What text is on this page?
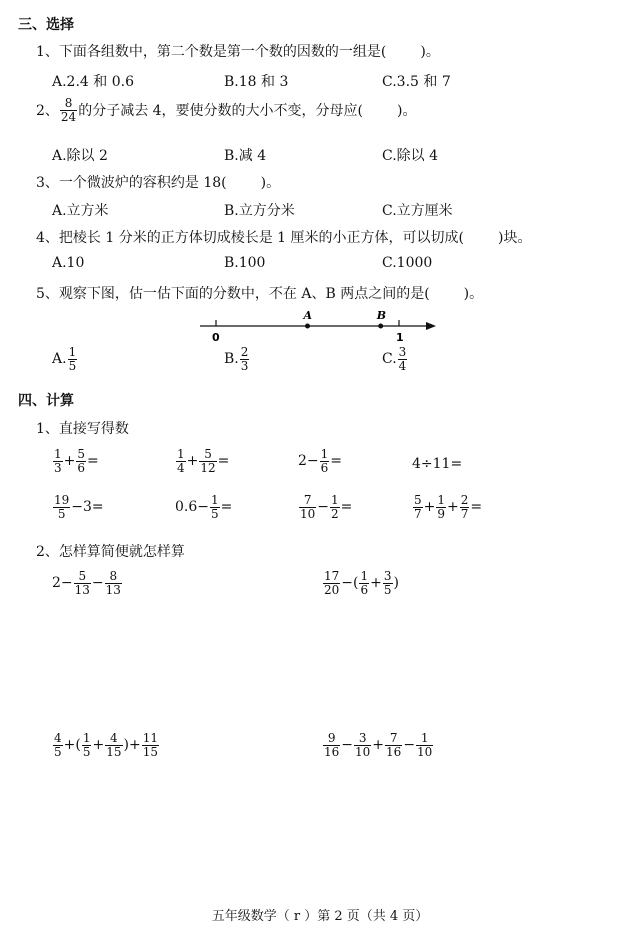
三、选择
1、下面各组数中，第二个数是第一个数的因数的一组是( )。
A.2.4 和 0.6	B.18 和 3	C.3.5 和 7
2、 $\frac{8}{24}$ 的分子减去 4，要使分数的大小不变，分母应( )。
A.除以 2	B.减 4	C.除以 4
3、一个微波炉的容积约是 18( )。
A.立方米	B.立方分米	C.立方厘米
4、把棱长 1 分米的正方体切成棱长是 1 厘米的小正方体，可以切成( )块。
A.10	B.100	C.1000
5、观察下图，估一估下面的分数中，不在 A、B 两点之间的是( )。
0	1
A	B
A. $\frac{1}{5}$	B. $\frac{2}{3}$	C. $\frac{3}{4}$
四、计算
1、直接写得数
$\frac{1}{3} + \frac{5}{6}$ =	$\frac{1}{4} + \frac{5}{12}$ =	$2- \frac{1}{6}$ =	4÷11=
$\frac{19}{5} -3=$	$0.6- \frac{1}{5}$ =	$\frac{7}{10} - \frac{1}{2}$ =	$\frac{5}{7} + \frac{1}{9} + \frac{2}{7}$ =
2、怎样算简便就怎样算
$2- \frac{5}{13} - \frac{8}{13}$	$\frac{17}{20}$ −( $\frac{1}{6} + \frac{3}{5}$ )
$\frac{4}{5}$ +( $\frac{1}{5} + \frac{4}{15}$ )+ $\frac{11}{15}$	$\frac{9}{16} - \frac{3}{10} + \frac{7}{16} - \frac{1}{10}$
五年级数学（ r ）第 2 页（共 4 页）
